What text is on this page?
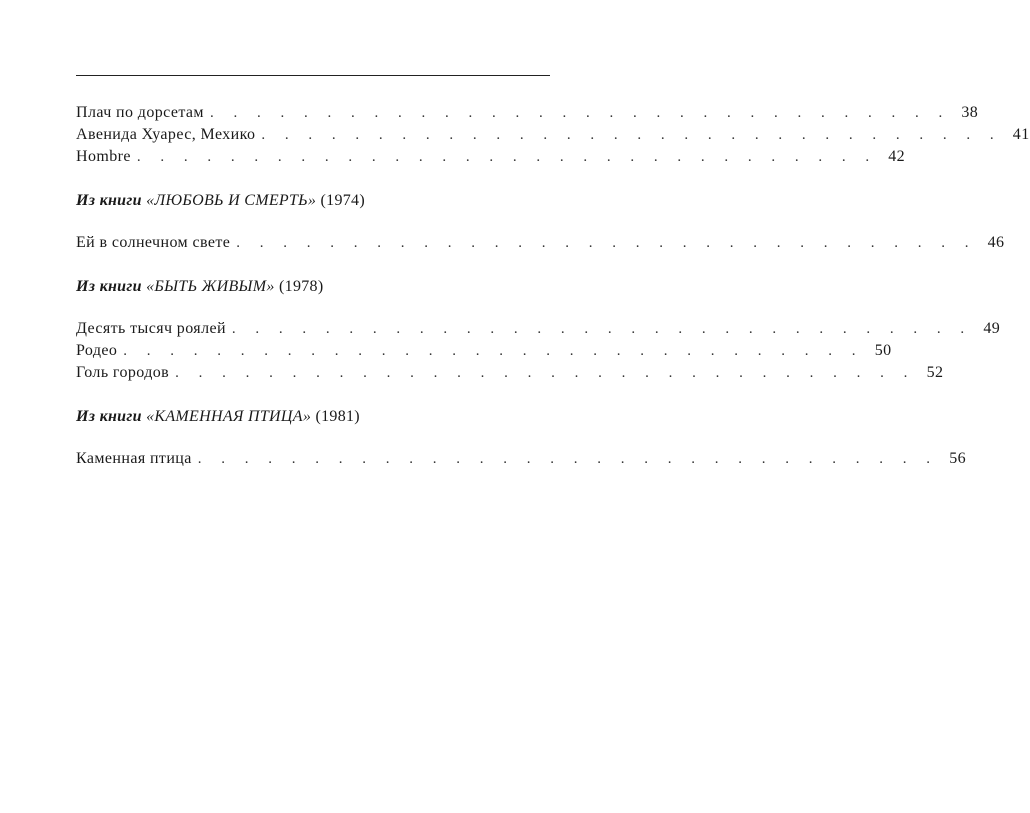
Плач по дорсетам . . . . . . . . . . . . . . . . . . . . . . . . . . . . . . . . 38
Авенида Хуарес, Мехико . . . . . . . . . . . . . . . . . . . . . . . . . . . . . . . . 41
Hombre . . . . . . . . . . . . . . . . . . . . . . . . . . . . . . . . 42
Из книги «ЛЮБОВЬ И СМЕРТЬ» (1974)
Ей в солнечном свете . . . . . . . . . . . . . . . . . . . . . . . . . . . . . . . . 46
Из книги «БЫТЬ ЖИВЫМ» (1978)
Десять тысяч роялей . . . . . . . . . . . . . . . . . . . . . . . . . . . . . . . . 49
Родео . . . . . . . . . . . . . . . . . . . . . . . . . . . . . . . . 50
Голь городов . . . . . . . . . . . . . . . . . . . . . . . . . . . . . . . . 52
Из книги «КАМЕННАЯ ПТИЦА» (1981)
Каменная птица . . . . . . . . . . . . . . . . . . . . . . . . . . . . . . . . 56
